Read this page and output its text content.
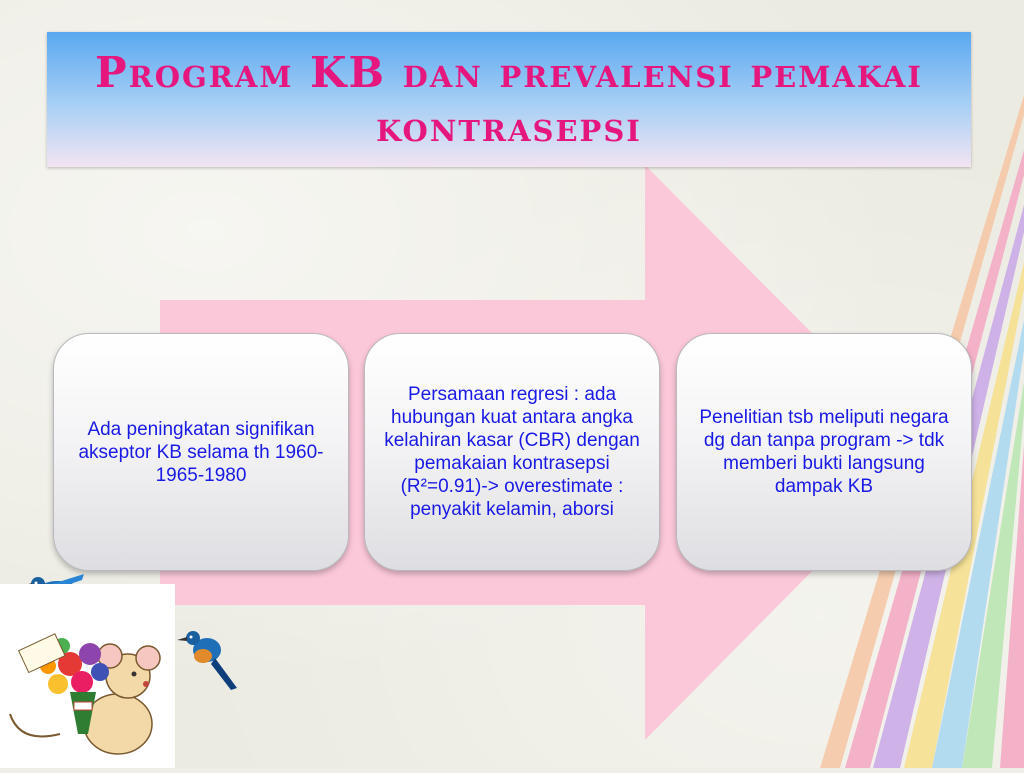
Program KB dan prevalensi pemakai kontrasepsi
Ada peningkatan signifikan akseptor KB selama th 1960-1965-1980
Persamaan regresi : ada hubungan kuat antara angka kelahiran kasar (CBR) dengan pemakaian kontrasepsi (R²=0.91)-> overestimate : penyakit kelamin, aborsi
Penelitian tsb meliputi negara dg dan tanpa program -> tdk memberi bukti langsung dampak KB
